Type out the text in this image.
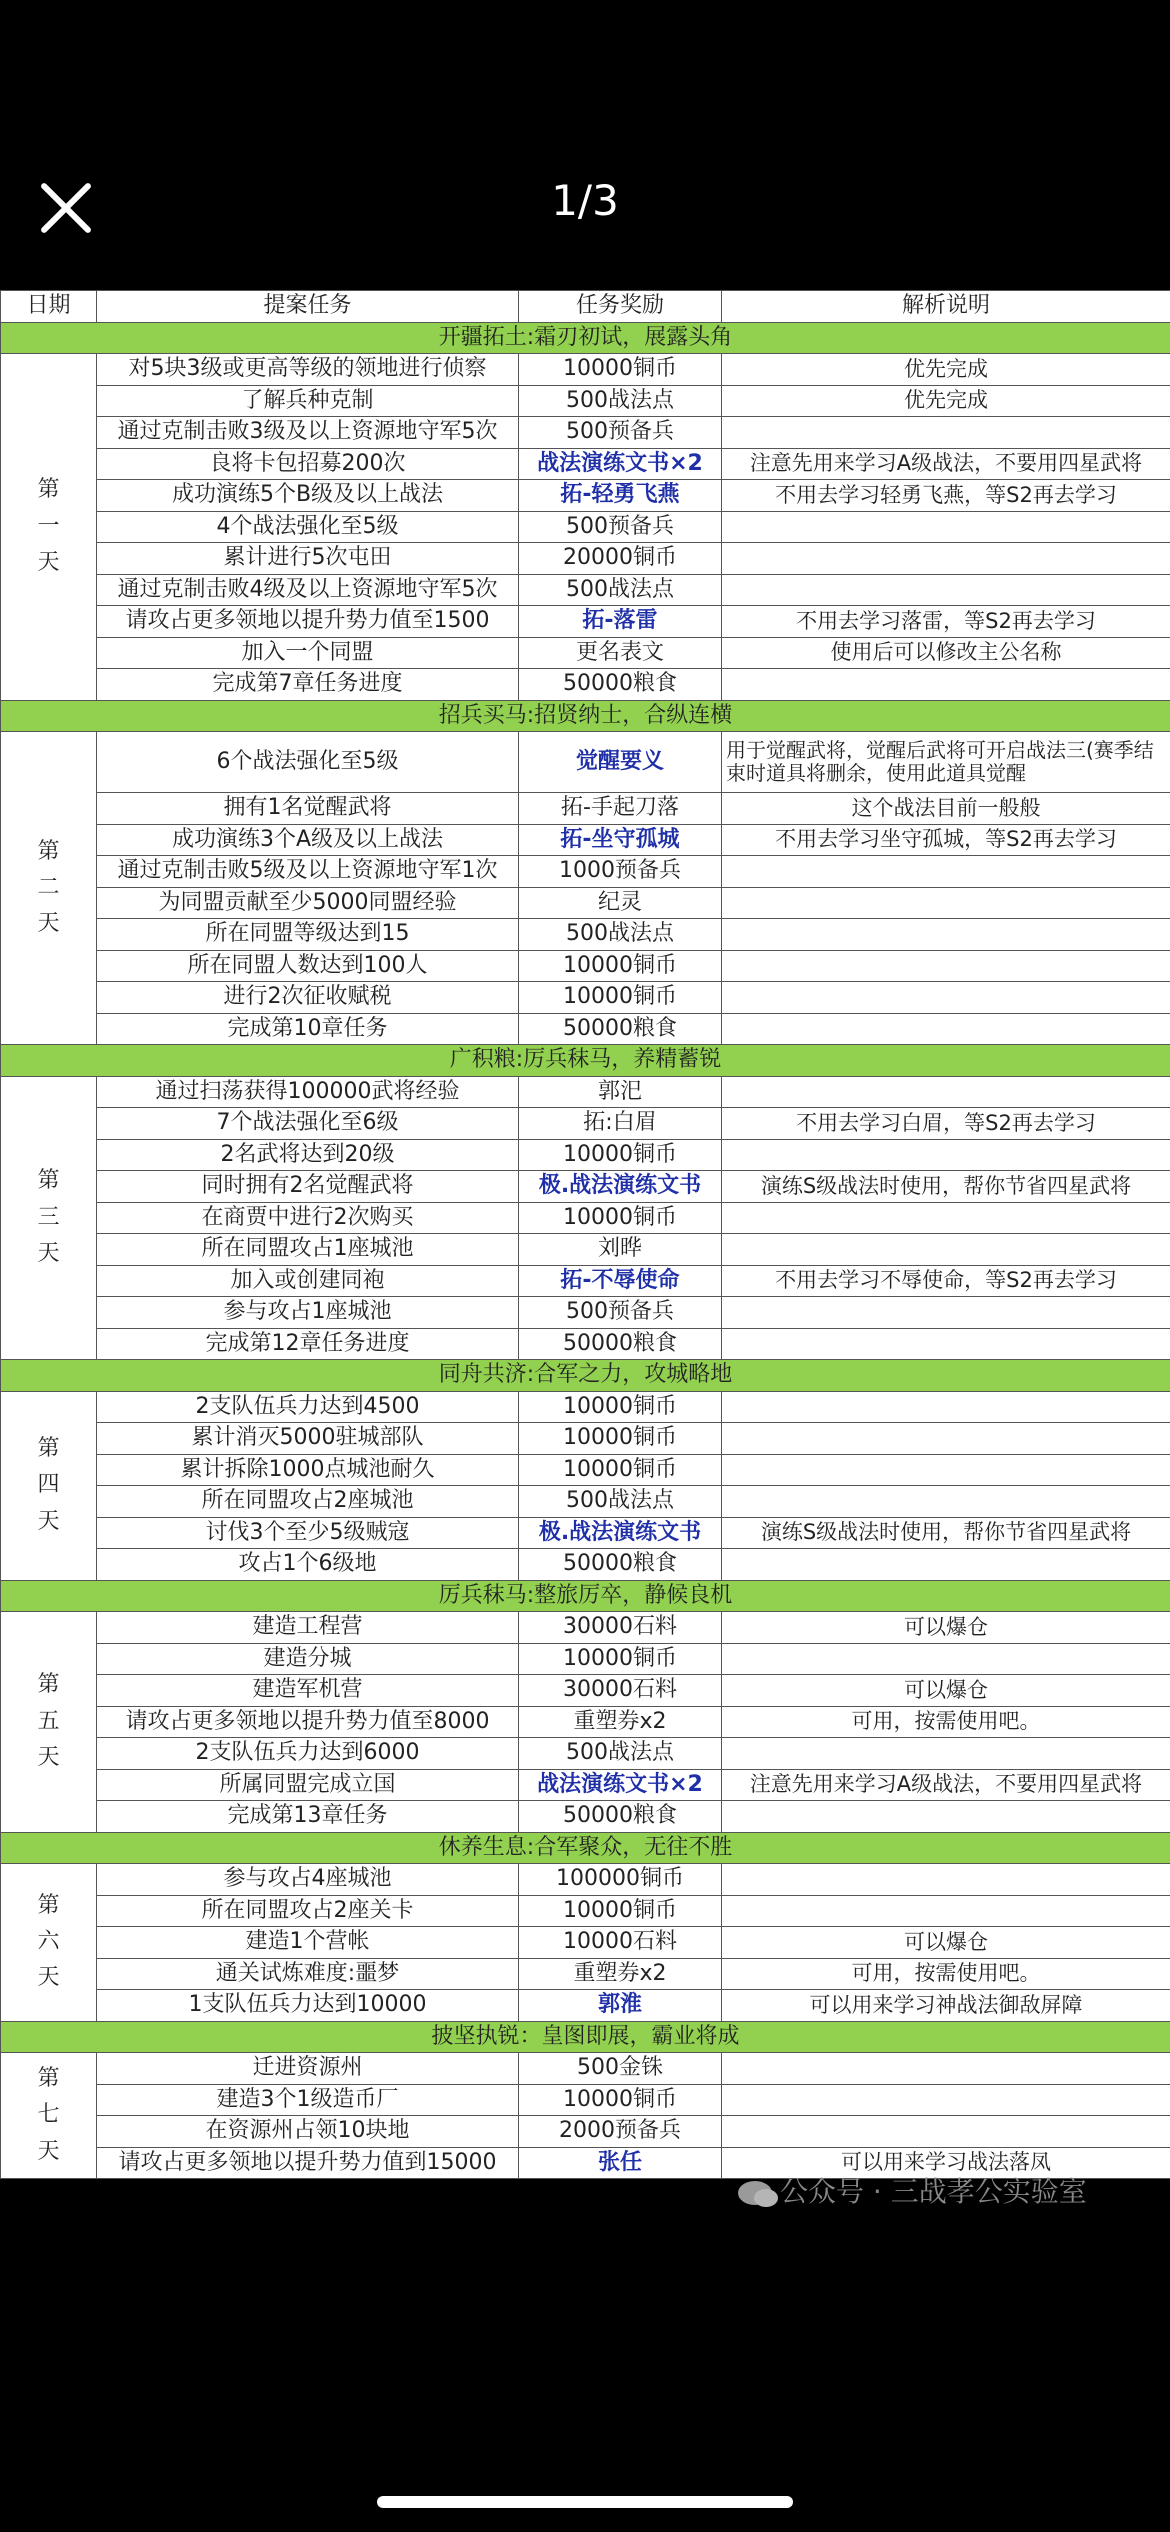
1/3
日期	提案任务	任务奖励	解析说明
开疆拓土:霜刃初试，展露头角			
第
一
天	对5块3级或更高等级的领地进行侦察	10000铜币	优先完成
	了解兵种克制	500战法点	优先完成
	通过克制击败3级及以上资源地守军5次	500预备兵	
	良将卡包招募200次	战法演练文书×2	注意先用来学习A级战法，不要用四星武将
	成功演练5个B级及以上战法	拓-轻勇飞燕	不用去学习轻勇飞燕，等S2再去学习
	4个战法强化至5级	500预备兵	
	累计进行5次屯田	20000铜币	
	通过克制击败4级及以上资源地守军5次	500战法点	
	请攻占更多领地以提升势力值至1500	拓-落雷	不用去学习落雷，等S2再去学习
	加入一个同盟	更名表文	使用后可以修改主公名称
	完成第7章任务进度	50000粮食	
招兵买马:招贤纳士，合纵连横			
第
二
天	6个战法强化至5级	觉醒要义	用于觉醒武将，觉醒后武将可开启战法三(赛季结束时道具将删余，使用此道具觉醒
	拥有1名觉醒武将	拓-手起刀落	这个战法目前一般般
	成功演练3个A级及以上战法	拓-坐守孤城	不用去学习坐守孤城，等S2再去学习
	通过克制击败5级及以上资源地守军1次	1000预备兵	
	为同盟贡献至少5000同盟经验	纪灵	
	所在同盟等级达到15	500战法点	
	所在同盟人数达到100人	10000铜币	
	进行2次征收赋税	10000铜币	
	完成第10章任务	50000粮食	
广积粮:厉兵秣马，养精蓄锐			
第
三
天	通过扫荡获得100000武将经验	郭汜	
	7个战法强化至6级	拓:白眉	不用去学习白眉，等S2再去学习
	2名武将达到20级	10000铜币	
	同时拥有2名觉醒武将	极.战法演练文书	演练S级战法时使用，帮你节省四星武将
	在商贾中进行2次购买	10000铜币	
	所在同盟攻占1座城池	刘晔	
	加入或创建同袍	拓-不辱使命	不用去学习不辱使命，等S2再去学习
	参与攻占1座城池	500预备兵	
	完成第12章任务进度	50000粮食	
同舟共济:合军之力，攻城略地			
第
四
天	2支队伍兵力达到4500	10000铜币	
	累计消灭5000驻城部队	10000铜币	
	累计拆除1000点城池耐久	10000铜币	
	所在同盟攻占2座城池	500战法点	
	讨伐3个至少5级贼寇	极.战法演练文书	演练S级战法时使用，帮你节省四星武将
	攻占1个6级地	50000粮食	
厉兵秣马:整旅厉卒，静候良机			
第
五
天	建造工程营	30000石料	可以爆仓
	建造分城	10000铜币	
	建造军机营	30000石料	可以爆仓
	请攻占更多领地以提升势力值至8000	重塑券x2	可用，按需使用吧。
	2支队伍兵力达到6000	500战法点	
	所属同盟完成立国	战法演练文书×2	注意先用来学习A级战法，不要用四星武将
	完成第13章任务	50000粮食	
休养生息:合军聚众，无往不胜			
第
六
天	参与攻占4座城池	100000铜币	
	所在同盟攻占2座关卡	10000铜币	
	建造1个营帐	10000石料	可以爆仓
	通关试炼难度:噩梦	重塑券x2	可用，按需使用吧。
	1支队伍兵力达到10000	郭淮	可以用来学习神战法御敌屏障
披坚执锐：皇图即展，霸业将成			
第
七
天	迁进资源州	500金铢	
	建造3个1级造币厂	10000铜币	
	在资源州占领10块地	2000预备兵	
	请攻占更多领地以提升势力值到15000	张任	可以用来学习战法落凤
公众号 · 三战孝公实验室
